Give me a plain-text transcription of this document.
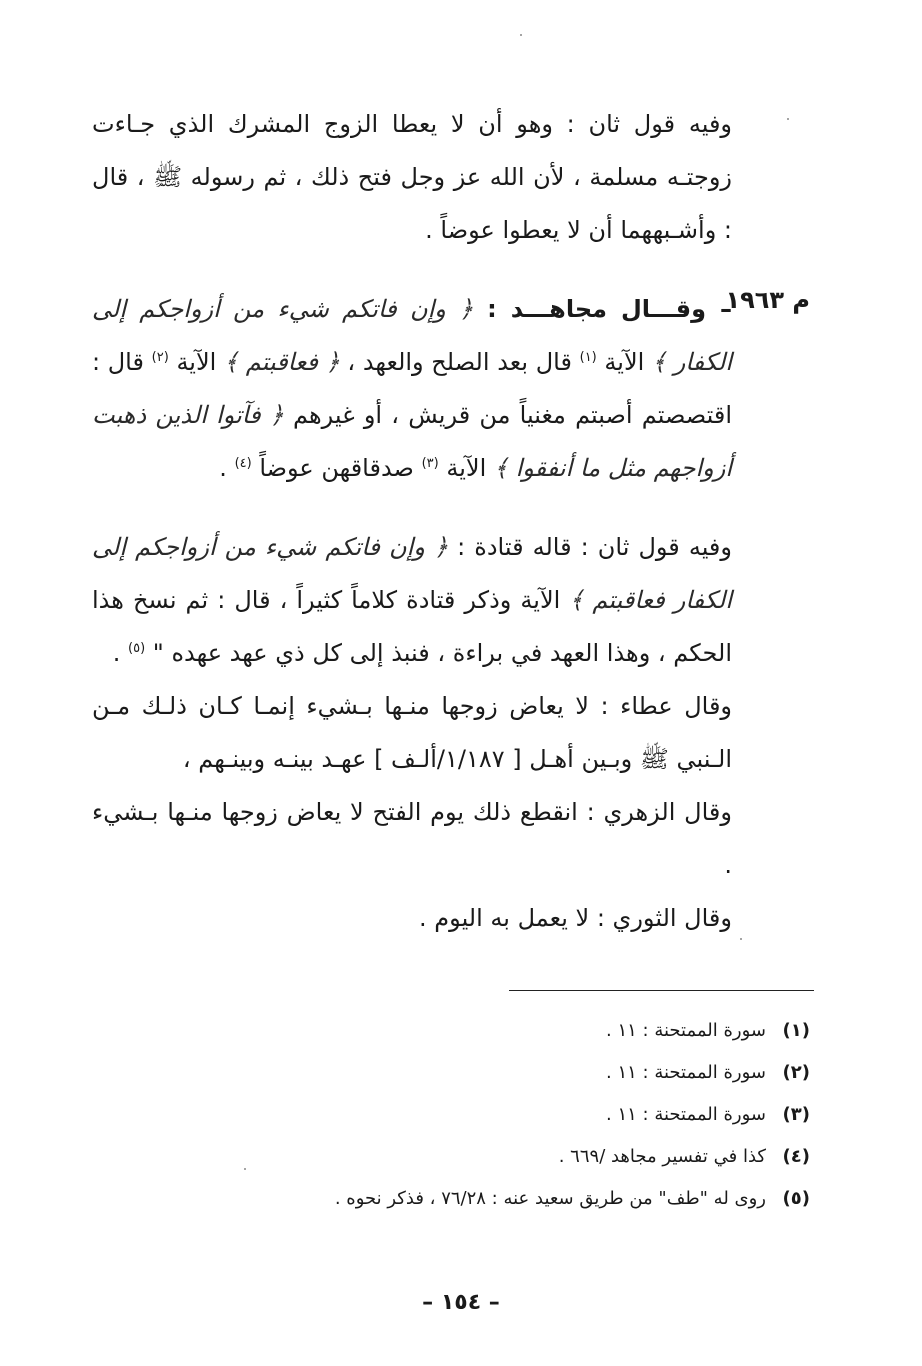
م ١٩٦٣

وفيه قول ثان : وهو أن لا يعطا الزوج المشرك الذي جـاءت زوجتـه مسلمة ، لأن الله عز وجل فتح ذلك ، ثم رسوله ﷺ ، قال : وأشـبههما أن لا يعطوا عوضاً .

– وقـــال مجاهـــد : ﴿ وإن فاتكم شيء من أزواجكم إلى الكفار ﴾ الآية $^{(١)}$ قال بعد الصلح والعهد ، ﴿ فعاقبتم ﴾ الآية $^{(٢)}$ قال : اقتصصتم أصبتم مغنياً من قريش ، أو غيرهم ﴿ فآتوا الذين ذهبت أزواجهم مثل ما أنفقوا ﴾ الآية $^{(٣)}$ صدقاقهن عوضاً $^{(٤)}$ .

وفيه قول ثان : قاله قتادة : ﴿ وإن فاتكم شيء من أزواجكم إلى الكفار فعاقبتم ﴾ الآية وذكر قتادة كلاماً كثيراً ، قال : ثم نسخ هذا الحكم ، وهذا العهد في براءة ، فنبذ إلى كل ذي عهد عهده " $^{(٥)}$ .

وقال عطاء : لا يعاض زوجها منـها بـشيء إنمـا كـان ذلـك مـن الـنبي ﷺ وبـين أهـل [ ١/١٨٧/ألـف ] عهـد بينـه وبينـهم ،

وقال الزهري : انقطع ذلك يوم الفتح لا يعاض زوجها منـها بـشيء .

وقال الثوري : لا يعمل به اليوم .

(١)سورة الممتحنة : ١١ .
(٢)سورة الممتحنة : ١١ .
(٣)سورة الممتحنة : ١١ .
(٤)كذا في تفسير مجاهد /٦٦٩ .
(٥)روى له "طف" من طريق سعيد عنه : ٧٦/٢٨ ، فذكر نحوه .
– ١٥٤ –
